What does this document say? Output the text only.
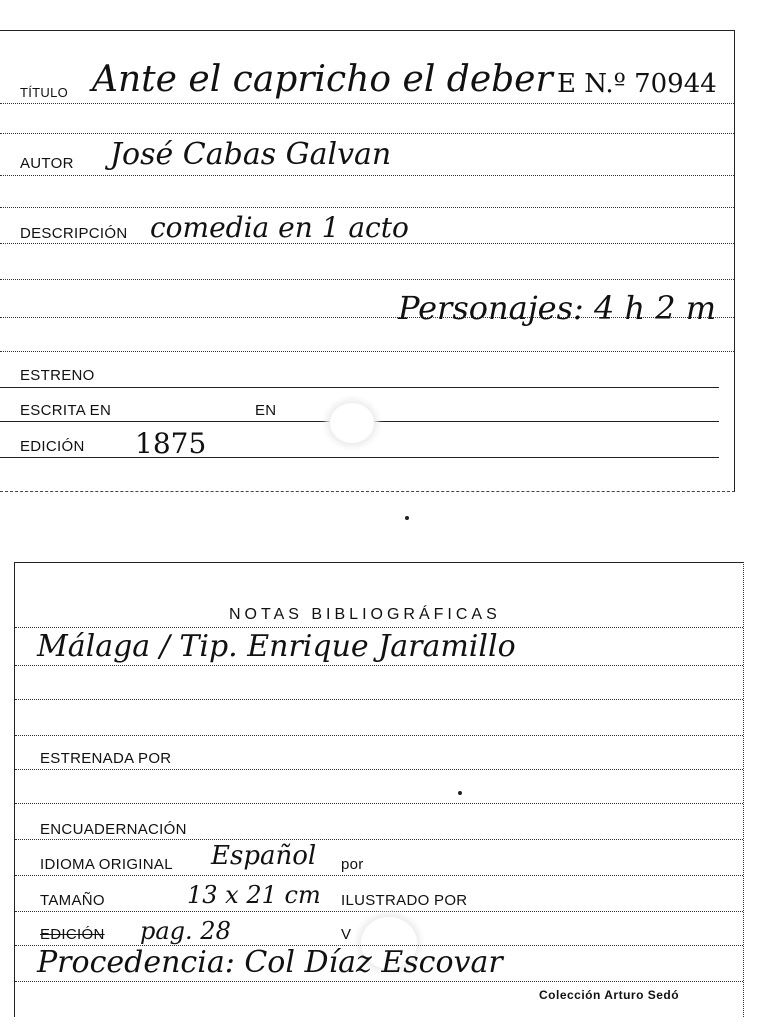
TÍTULO Ante el capricho el deber E N.º 70944
AUTOR José Cabas Galvan
DESCRIPCIÓN comedia en 1 acto
Personajes: 4 h 2 m
ESTRENO
ESCRITA EN	EN
EDICIÓN 1875
NOTAS BIBLIOGRÁFICAS
Málaga / Tip. Enrique Jaramillo
ESTRENADA POR
ENCUADERNACIÓN
IDIOMA ORIGINAL Español por
TAMAÑO	13 x 21 cm ILUSTRADO POR
EDICIÓN pag. 28	V
Procedencia: Col Díaz Escovar
Colección Arturo Sedó
